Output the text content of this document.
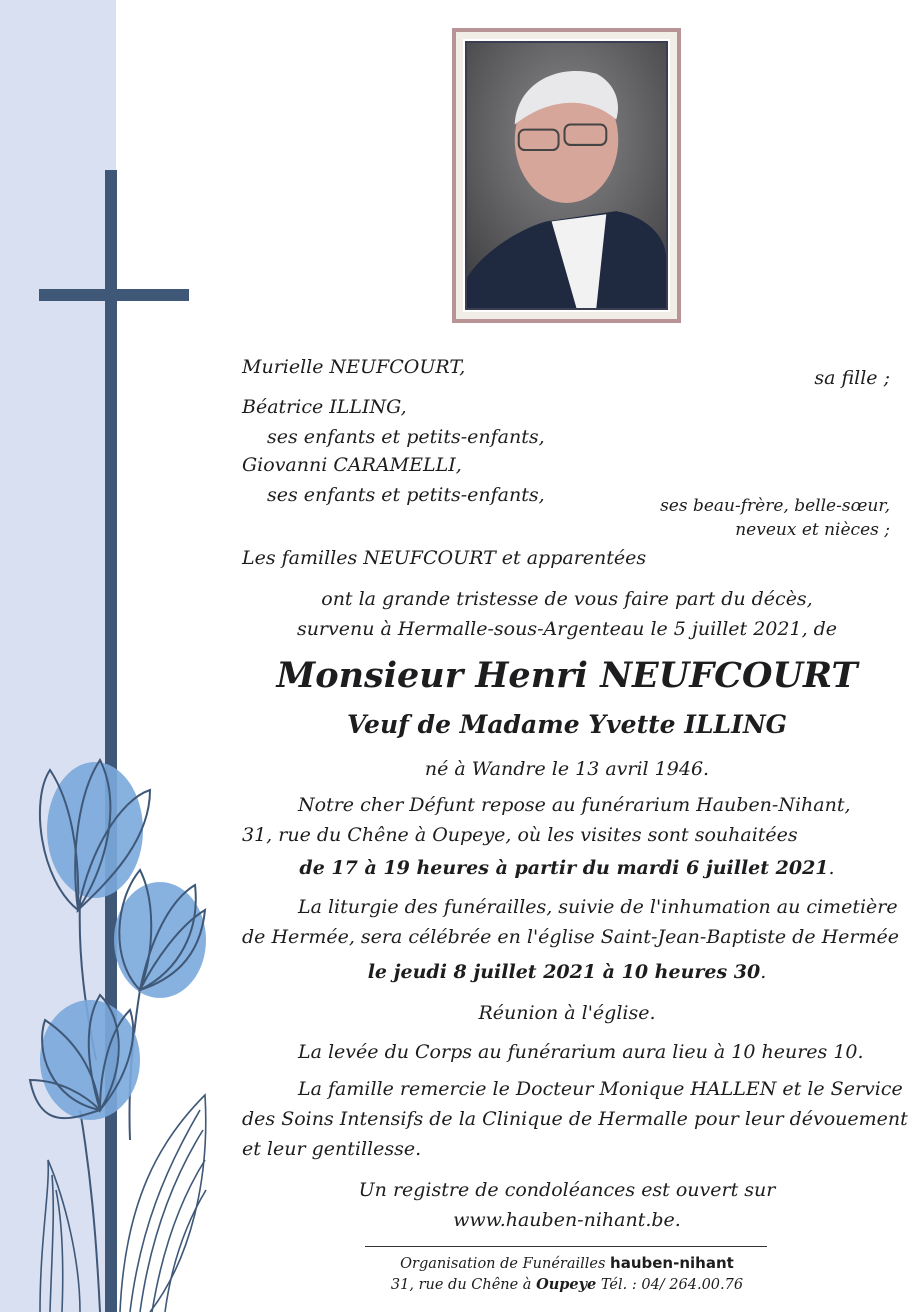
Murielle NEUFCOURT,	sa fille ;
Béatrice ILLING,
ses enfants et petits-enfants,
Giovanni CARAMELLI,
ses enfants et petits-enfants,	ses beau-frère, belle-sœur,
neveux et nièces ;
Les familles NEUFCOURT et apparentées
ont la grande tristesse de vous faire part du décès,
survenu à Hermalle-sous-Argenteau le 5 juillet 2021, de
Monsieur Henri NEUFCOURT
Veuf de Madame Yvette ILLING
né à Wandre le 13 avril 1946.
Notre cher Défunt repose au funérarium Hauben-Nihant,
31, rue du Chêne à Oupeye, où les visites sont souhaitées
de 17 à 19 heures à partir du mardi 6 juillet 2021.
La liturgie des funérailles, suivie de l'inhumation au cimetière
de Hermée, sera célébrée en l'église Saint-Jean-Baptiste de Hermée
le jeudi 8 juillet 2021 à 10 heures 30.
Réunion à l'église.
La levée du Corps au funérarium aura lieu à 10 heures 10.
La famille remercie le Docteur Monique HALLEN et le Service
des Soins Intensifs de la Clinique de Hermalle pour leur dévouement
et leur gentillesse.
Un registre de condoléances est ouvert sur
www.hauben-nihant.be.
Organisation de Funérailles hauben-nihant
31, rue du Chêne à Oupeye Tél. : 04/ 264.00.76
